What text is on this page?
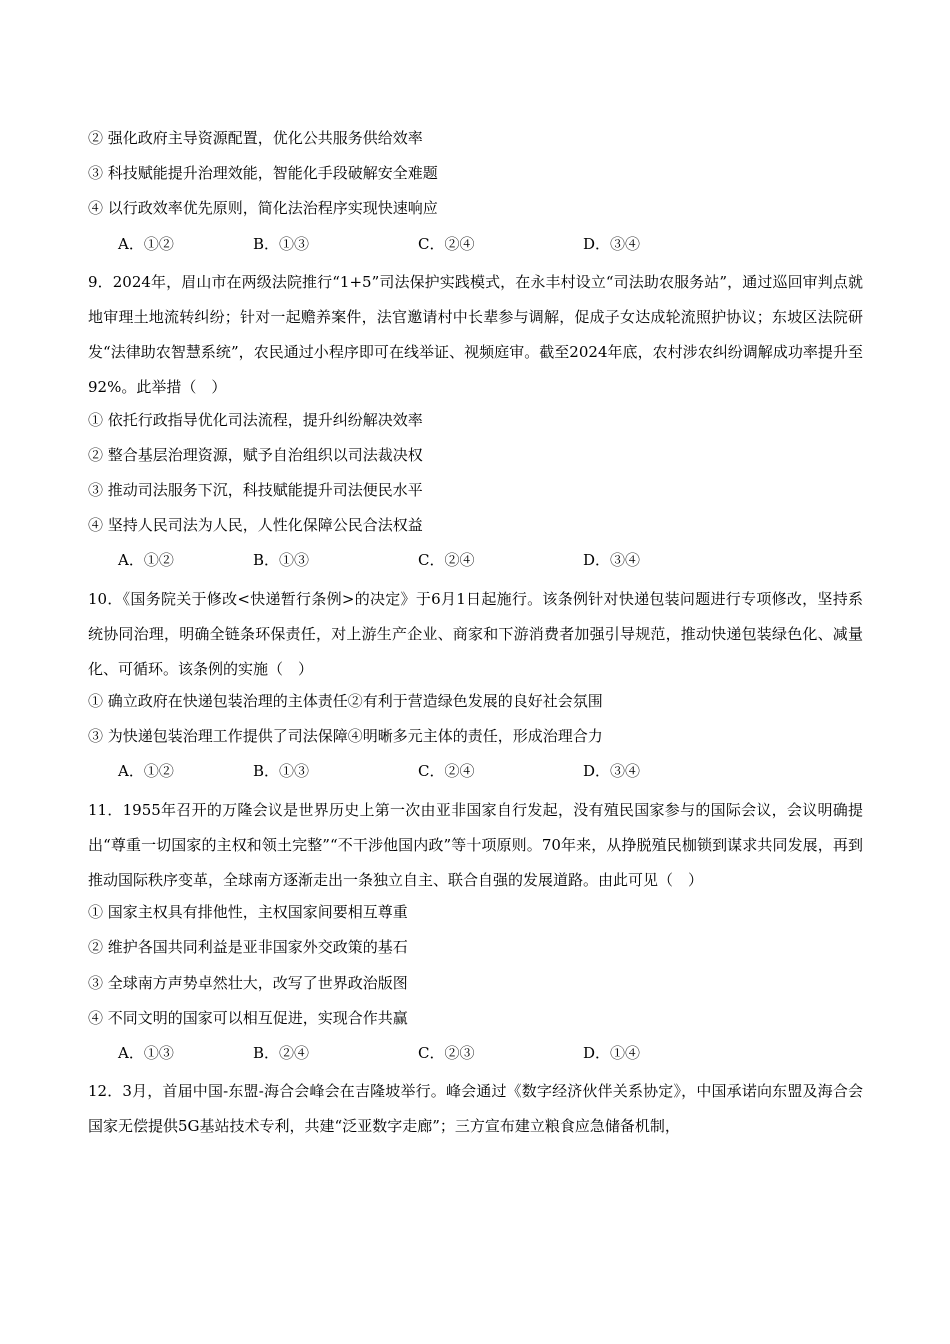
② 强化政府主导资源配置，优化公共服务供给效率
③ 科技赋能提升治理效能，智能化手段破解安全难题
④ 以行政效率优先原则，简化法治程序实现快速响应
A．①②	B．①③	C．②④	D．③④

9．2024年，眉山市在两级法院推行“1+5”司法保护实践模式，在永丰村设立“司法助农服务站”，通过巡回审判点就地审理土地流转纠纷；针对一起赡养案件，法官邀请村中长辈参与调解，促成子女达成轮流照护协议；东坡区法院研发“法律助农智慧系统”，农民通过小程序即可在线举证、视频庭审。截至2024年底，农村涉农纠纷调解成功率提升至92%。此举措（　）

① 依托行政指导优化司法流程，提升纠纷解决效率
② 整合基层治理资源，赋予自治组织以司法裁决权
③ 推动司法服务下沉，科技赋能提升司法便民水平
④ 坚持人民司法为人民，人性化保障公民合法权益
A．①②	B．①③	C．②④	D．③④

10．《国务院关于修改<快递暂行条例>的决定》于6月1日起施行。该条例针对快递包装问题进行专项修改，坚持系统协同治理，明确全链条环保责任，对上游生产企业、商家和下游消费者加强引导规范，推动快递包装绿色化、减量化、可循环。该条例的实施（　）

① 确立政府在快递包装治理的主体责任②有利于营造绿色发展的良好社会氛围
③ 为快递包装治理工作提供了司法保障④明晰多元主体的责任，形成治理合力
A．①②	B．①③	C．②④	D．③④

11．1955年召开的万隆会议是世界历史上第一次由亚非国家自行发起，没有殖民国家参与的国际会议，会议明确提出“尊重一切国家的主权和领土完整”“不干涉他国内政”等十项原则。70年来，从挣脱殖民枷锁到谋求共同发展，再到推动国际秩序变革，全球南方逐渐走出一条独立自主、联合自强的发展道路。由此可见（　）

① 国家主权具有排他性，主权国家间要相互尊重
② 维护各国共同利益是亚非国家外交政策的基石
③ 全球南方声势卓然壮大，改写了世界政治版图
④ 不同文明的国家可以相互促进，实现合作共赢
A．①③	B．②④	C．②③	D．①④

12．3月，首届中国-东盟-海合会峰会在吉隆坡举行。峰会通过《数字经济伙伴关系协定》，中国承诺向东盟及海合会国家无偿提供5G基站技术专利，共建“泛亚数字走廊”；三方宣布建立粮食应急储备机制，
